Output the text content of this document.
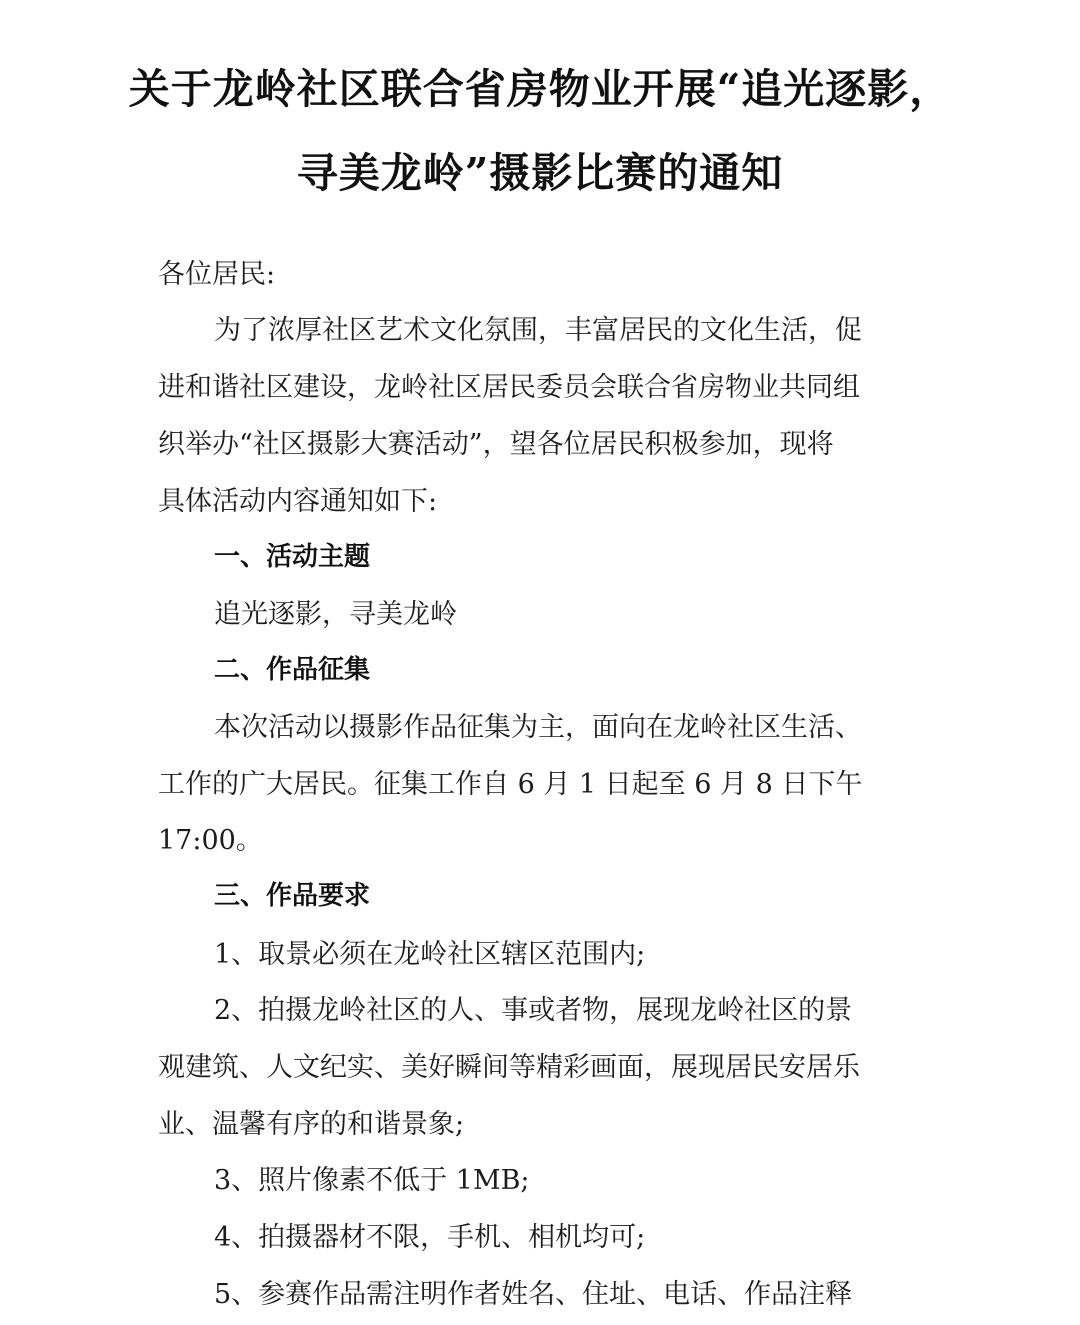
关于龙岭社区联合省房物业开展“追光逐影，
寻美龙岭”摄影比赛的通知
各位居民:
为了浓厚社区艺术文化氛围，丰富居民的文化生活，促
进和谐社区建设，龙岭社区居民委员会联合省房物业共同组
织举办“社区摄影大赛活动”，望各位居民积极参加，现将
具体活动内容通知如下:
一、活动主题
追光逐影，寻美龙岭
二、作品征集
本次活动以摄影作品征集为主，面向在龙岭社区生活、
工作的广大居民。征集工作自 6 月 1 日起至 6 月 8 日下午
17:00。
三、作品要求
1、取景必须在龙岭社区辖区范围内;
2、拍摄龙岭社区的人、事或者物，展现龙岭社区的景
观建筑、人文纪实、美好瞬间等精彩画面，展现居民安居乐
业、温馨有序的和谐景象;
3、照片像素不低于 1MB;
4、拍摄器材不限，手机、相机均可;
5、参赛作品需注明作者姓名、住址、电话、作品注释
